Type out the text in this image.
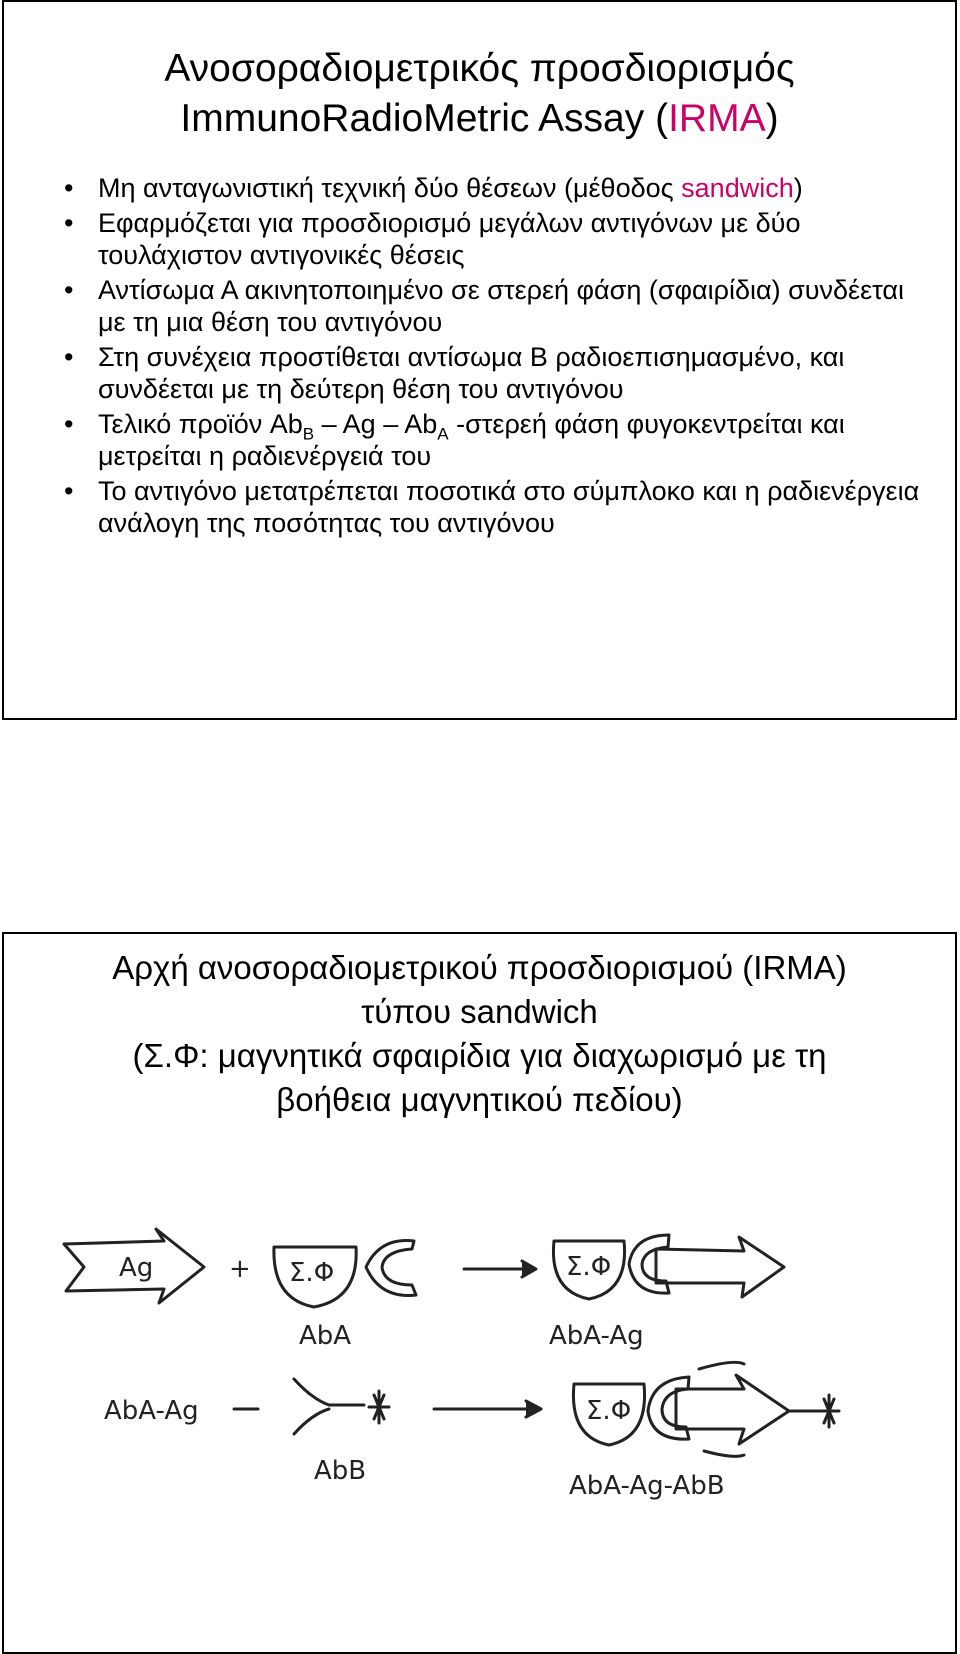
Ανοσοραδιομετρικός προσδιορισμός
ImmunoRadioMetric Assay (IRMA)
• Μη ανταγωνιστική τεχνική δύο θέσεων (μέθοδος sandwich)
• Εφαρμόζεται για προσδιορισμό μεγάλων αντιγόνων με δύο τουλάχιστον αντιγονικές θέσεις
• Αντίσωμα Α ακινητοποιημένο σε στερεή φάση (σφαιρίδια) συνδέεται με τη μια θέση του αντιγόνου
• Στη συνέχεια προστίθεται αντίσωμα Β ραδιοεπισημασμένο, και συνδέεται με τη δεύτερη θέση του αντιγόνου
• Τελικό προϊόν $Ab_B$ – Ag – $Ab_A$ -στερεή φάση φυγοκεντρείται και μετρείται η ραδιενέργειά του
• Το αντιγόνο μετατρέπεται ποσοτικά στο σύμπλοκο και η ραδιενέργεια ανάλογη της ποσότητας του αντιγόνου
Αρχή ανοσοραδιομετρικού προσδιορισμού (IRMA)
τύπου sandwich
(Σ.Φ: μαγνητικά σφαιρίδια για διαχωρισμό με τη
βοήθεια μαγνητικού πεδίου)
+
Ag	Σ.Φ
AbA
Σ.Φ
AbA-Ag
AbA-Ag
AbB
Σ.Φ
AbA-Ag-AbB
